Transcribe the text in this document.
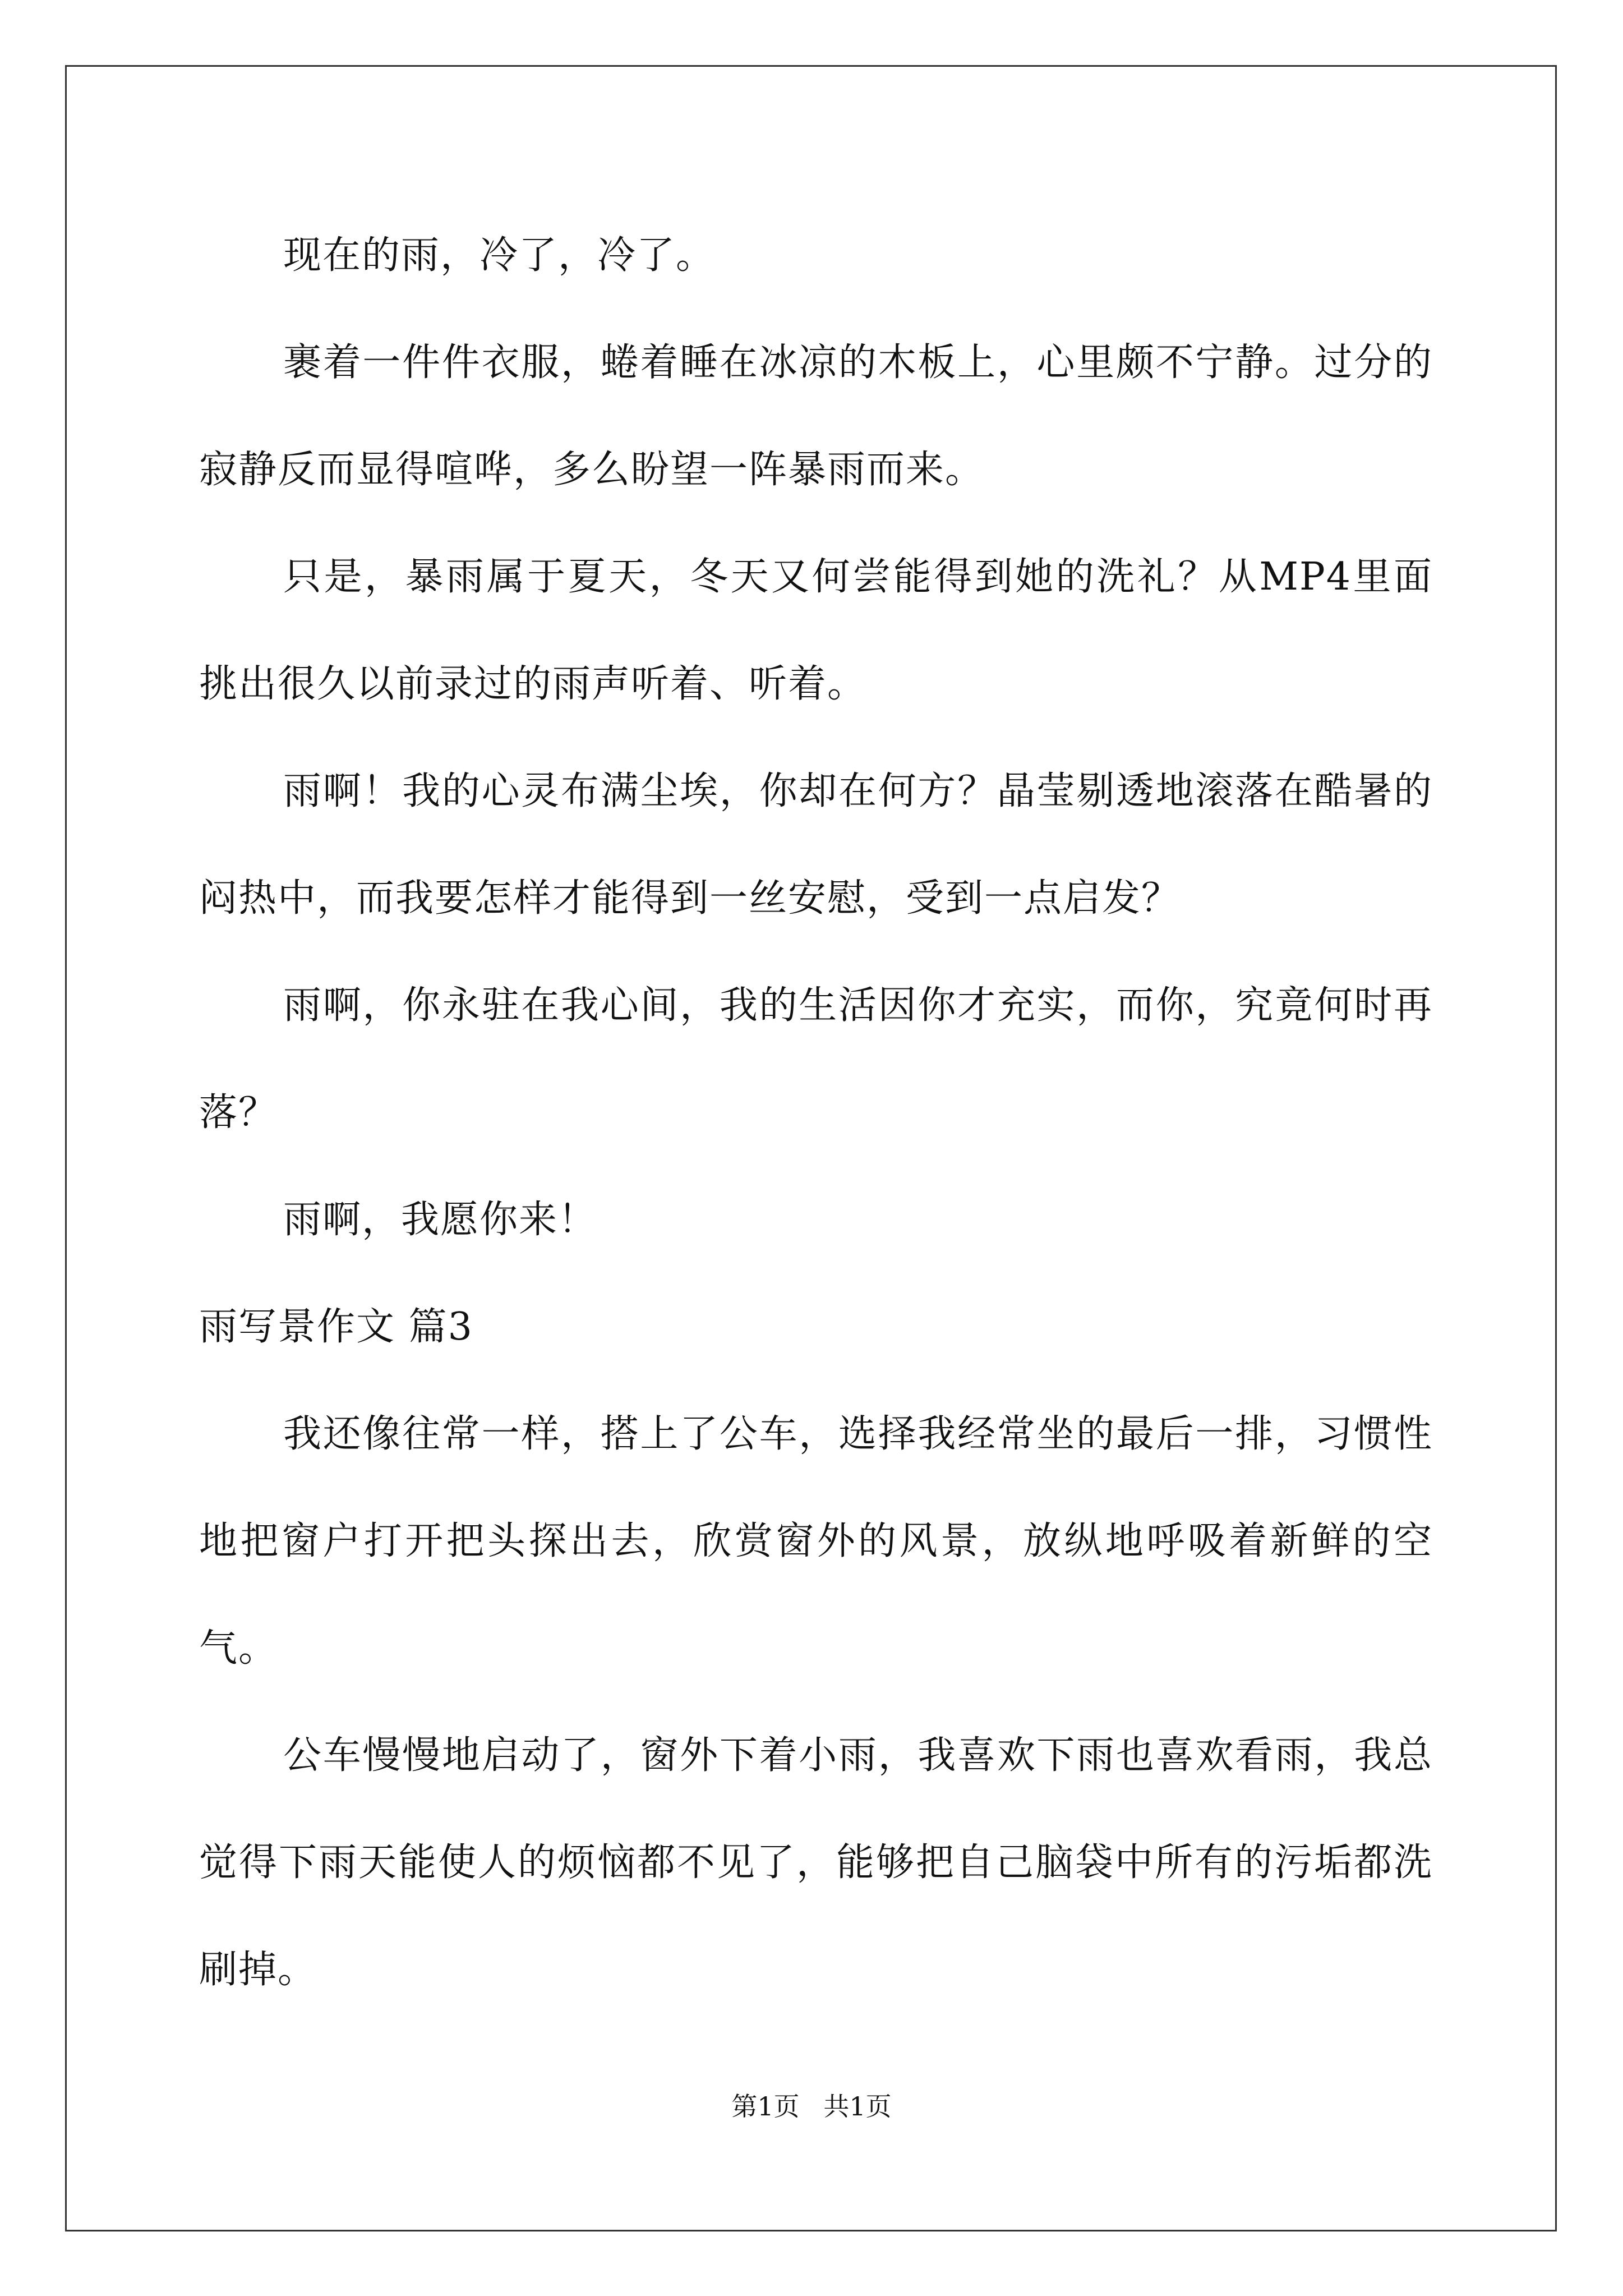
现在的雨，冷了，冷了。

裹着一件件衣服，蜷着睡在冰凉的木板上，心里颇不宁静。过分的寂静反而显得喧哗，多么盼望一阵暴雨而来。

只是，暴雨属于夏天，冬天又何尝能得到她的洗礼？从MP4里面挑出很久以前录过的雨声听着、听着。

雨啊！我的心灵布满尘埃，你却在何方？晶莹剔透地滚落在酷暑的闷热中，而我要怎样才能得到一丝安慰，受到一点启发？

雨啊，你永驻在我心间，我的生活因你才充实，而你，究竟何时再落？

雨啊，我愿你来！

雨写景作文 篇3

我还像往常一样，搭上了公车，选择我经常坐的最后一排，习惯性地把窗户打开把头探出去，欣赏窗外的风景，放纵地呼吸着新鲜的空气。

公车慢慢地启动了，窗外下着小雨，我喜欢下雨也喜欢看雨，我总觉得下雨天能使人的烦恼都不见了，能够把自己脑袋中所有的污垢都洗刷掉。

第1页 共1页
